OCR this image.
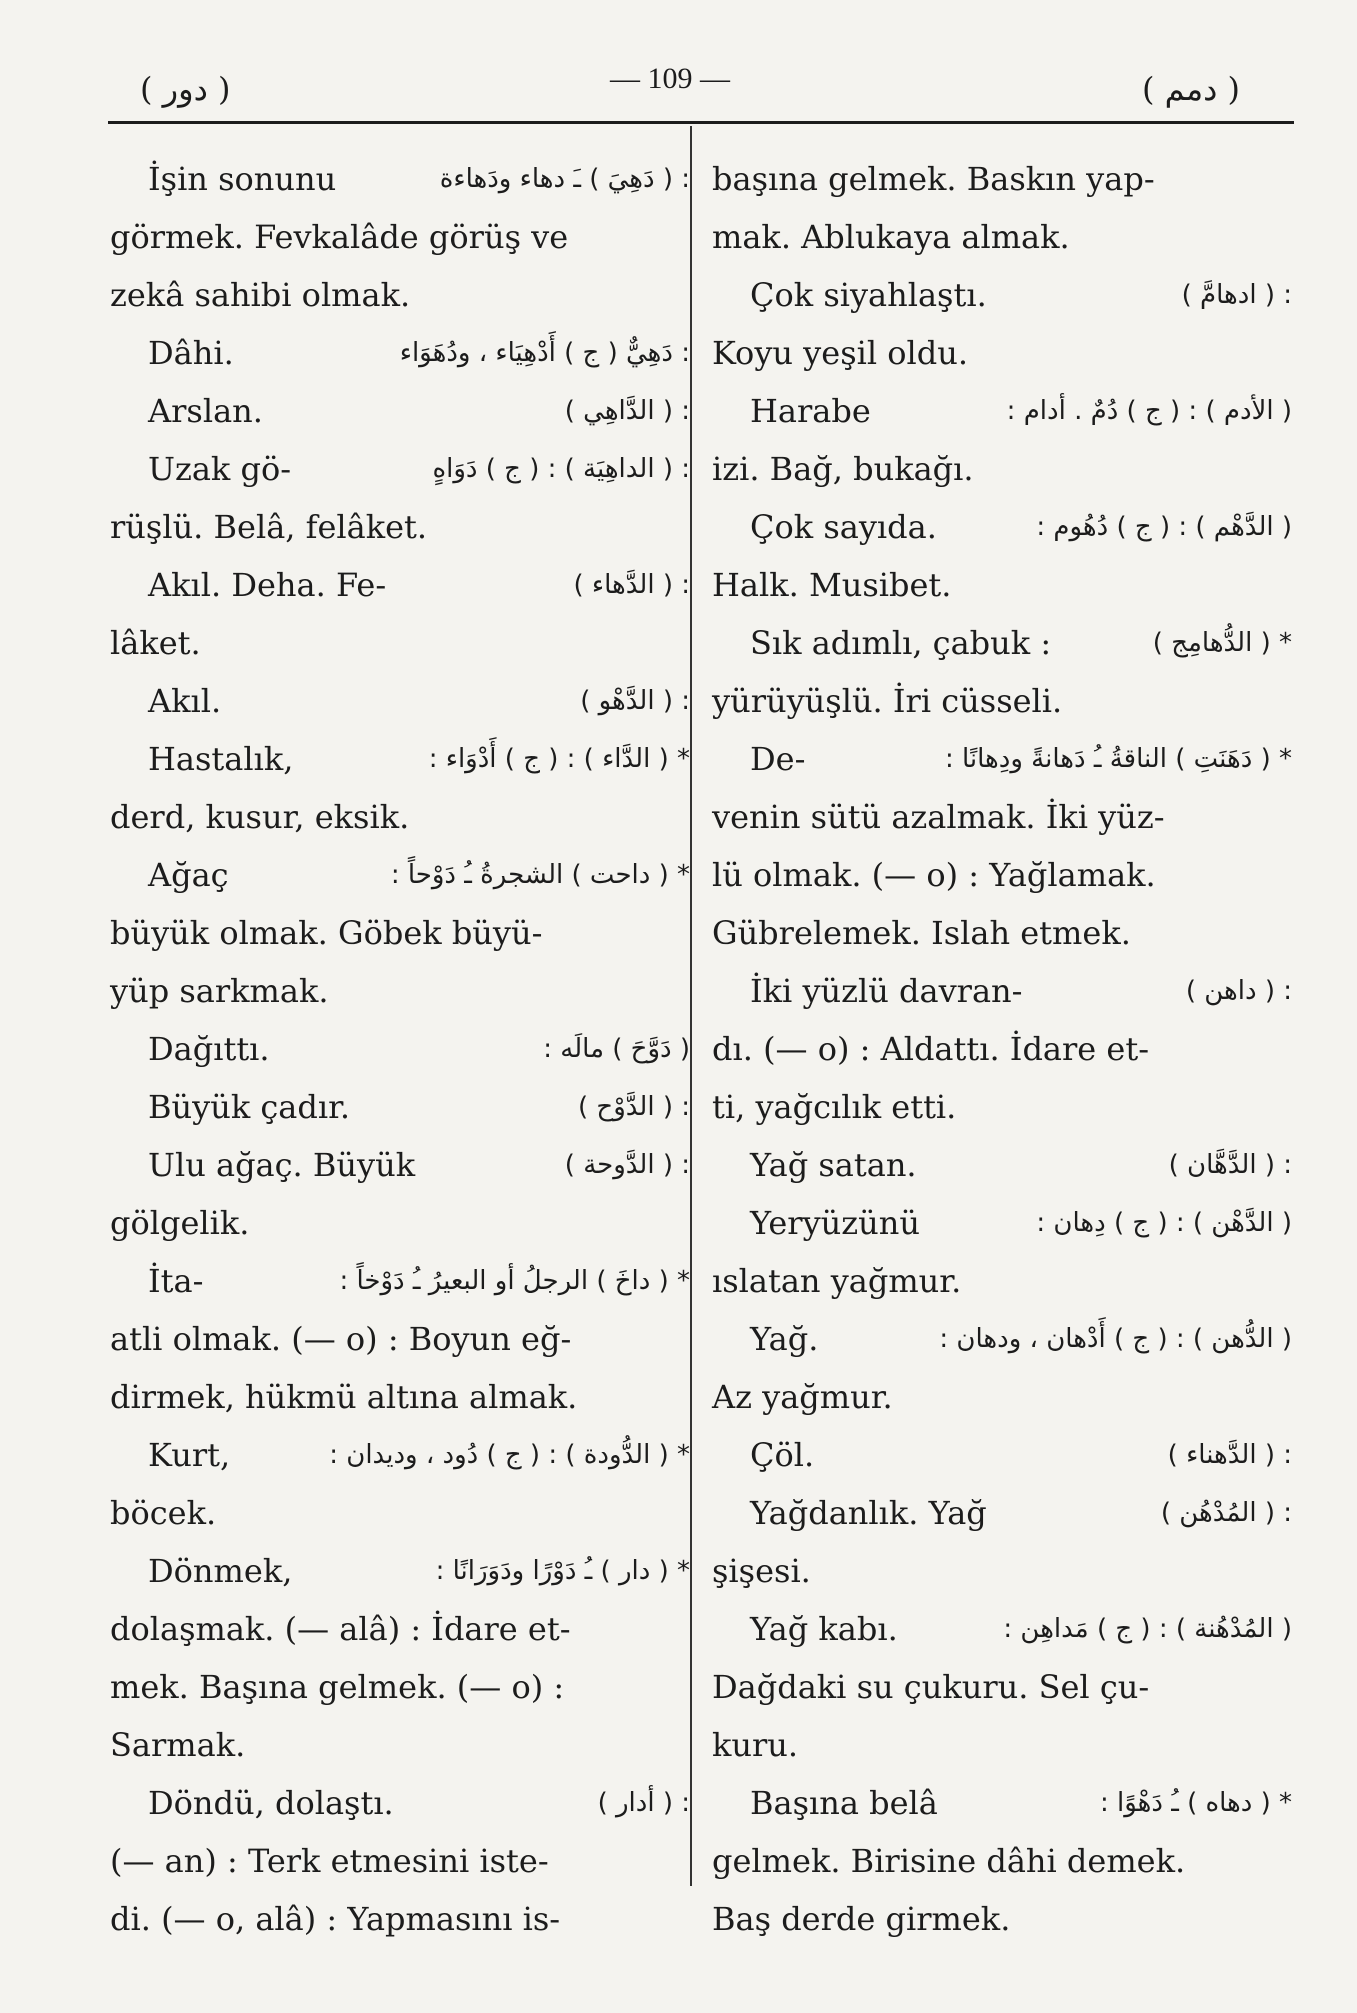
( دور )	— 109 —	( دمم )
İşin sonunu	: ( دَهِيَ ) ـَ دهاء ودَهاءة
görmek. Fevkalâde görüş ve
zekâ sahibi olmak.
Dâhi.	: دَهِيٌّ ( ج ) أَدْهِيَاء ، ودُهَوَاء
Arslan.	: ( الدَّاهِي )
Uzak gö-	: ( الداهِيَة ) : ( ج ) دَوَاهٍ
rüşlü. Belâ, felâket.
Akıl. Deha. Fe-	: ( الدَّهاء )
lâket.
Akıl.	: ( الدَّهْو )
Hastalık,	* ( الدَّاء ) : ( ج ) أَدْوَاء :
derd, kusur, eksik.
Ağaç	* ( داحت ) الشجرةُ ـُ دَوْحاً :
büyük olmak. Göbek büyü-
yüp sarkmak.
Dağıttı.	( دَوَّحَ ) مالَه :
Büyük çadır.	: ( الدَّوْح )
Ulu ağaç. Büyük	: ( الدَّوحة )
gölgelik.
İta-	* ( داخَ ) الرجلُ أو البعيرُ ـُ دَوْخاً :
atli olmak. (— o) : Boyun eğ-
dirmek, hükmü altına almak.
Kurt,	* ( الدُّودة ) : ( ج ) دُود ، وديدان :
böcek.
Dönmek,	* ( دار ) ـُ دَوْرًا ودَوَرَانًا :
dolaşmak. (— alâ) : İdare et-
mek. Başına gelmek. (— o) :
Sarmak.
Döndü, dolaştı.	: ( أدار )
(— an) : Terk etmesini iste-
di. (— o, alâ) : Yapmasını is-
başına gelmek. Baskın yap-
mak. Ablukaya almak.
Çok siyahlaştı.	: ( ادهامَّ )
Koyu yeşil oldu.
Harabe	( الأدم ) : ( ج ) دُمٌ . أدام :
izi. Bağ, bukağı.
Çok sayıda.	( الدَّهْم ) : ( ج ) دُهُوم :
Halk. Musibet.
Sık adımlı, çabuk :	* ( الدُّهامِج )
yürüyüşlü. İri cüsseli.
De-	* ( دَهَنَتِ ) الناقةُ ـُ دَهانةً ودِهانًا :
venin sütü azalmak. İki yüz-
lü olmak. (— o) : Yağlamak.
Gübrelemek. Islah etmek.
İki yüzlü davran-	: ( داهن )
dı. (— o) : Aldattı. İdare et-
ti, yağcılık etti.
Yağ satan.	: ( الدَّهَّان )
Yeryüzünü	( الدَّهْن ) : ( ج ) دِهان :
ıslatan yağmur.
Yağ.	( الدُّهن ) : ( ج ) أَدْهان ، ودهان :
Az yağmur.
Çöl.	: ( الدَّهناء )
Yağdanlık. Yağ	: ( المُدْهُن )
şişesi.
Yağ kabı.	( المُدْهُنة ) : ( ج ) مَداهِن :
Dağdaki su çukuru. Sel çu-
kuru.
Başına belâ	* ( دهاه ) ـُ دَهْوًا :
gelmek. Birisine dâhi demek.
Baş derde girmek.
